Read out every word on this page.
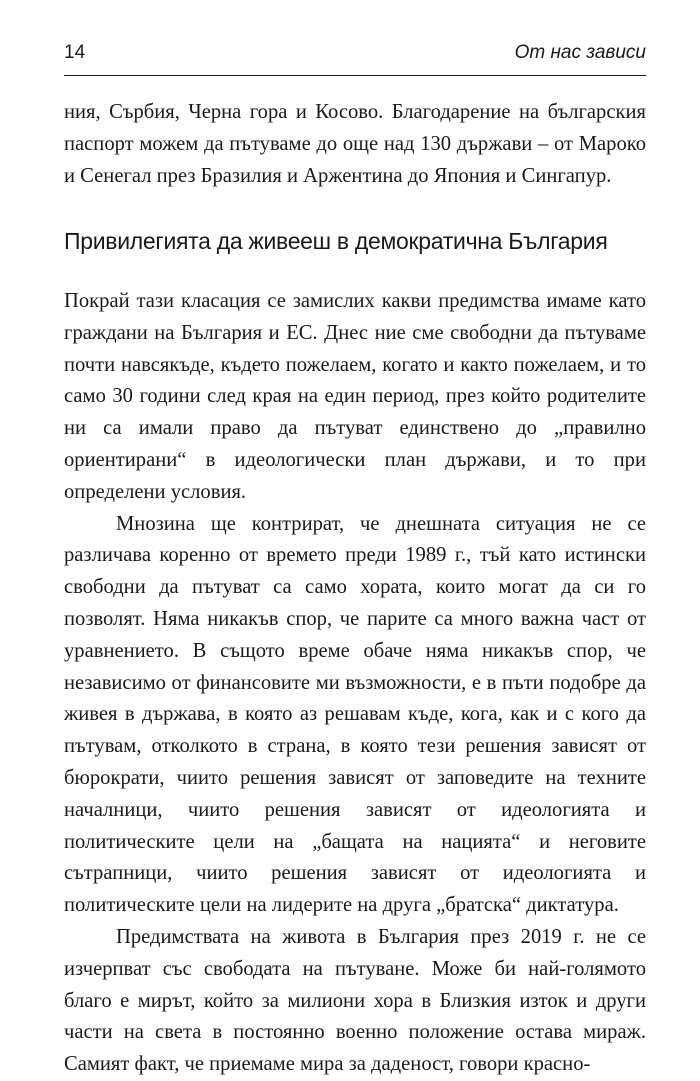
14	От нас зависи

ния, Сърбия, Черна гора и Косово. Благодарение на българския паспорт можем да пътуваме до още над 130 държави – от Мароко и Сенегал през Бразилия и Аржентина до Япония и Сингапур.

Привилегията да живееш в демократична България

Покрай тази класация се замислих какви предимства имаме като граждани на България и ЕС. Днес ние сме свободни да пътуваме почти навсякъде, където пожелаем, когато и както пожелаем, и то само 30 години след края на един период, през който родителите ни са имали право да пътуват единствено до „правилно ориентирани“ в идеологически план държави, и то при определени условия.

Мнозина ще контрират, че днешната ситуация не се различава коренно от времето преди 1989 г., тъй като истински свободни да пътуват са само хората, които могат да си го позволят. Няма никакъв спор, че парите са много важна част от уравнението. В същото време обаче няма никакъв спор, че независимо от финансовите ми възможности, е в пъти подобре да живея в държава, в която аз решавам къде, кога, как и с кого да пътувам, отколкото в страна, в която тези решения зависят от бюрократи, чиито решения зависят от заповедите на техните началници, чиито решения зависят от идеологията и политическите цели на „бащата на нацията“ и неговите сътрапници, чиито решения зависят от идеологията и политическите цели на лидерите на друга „братска“ диктатура.

Предимствата на живота в България през 2019 г. не се изчерпват със свободата на пътуване. Може би най-голямото благо е мирът, който за милиони хора в Близкия изток и други части на света в постоянно военно положение остава мираж. Самият факт, че приемаме мира за даденост, говори красно-
